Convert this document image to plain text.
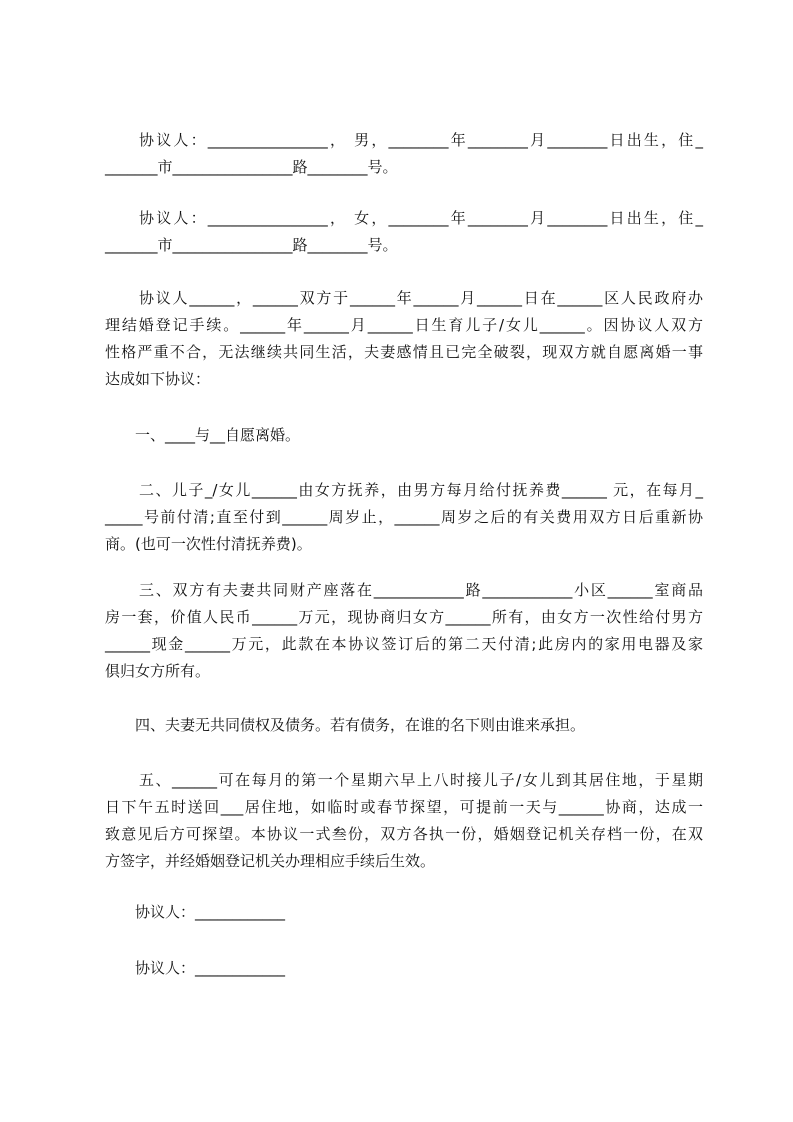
协议人：________________， 男，________年________月________日出生，住_
_______市________________路________号。
协议人：________________， 女，________年________月________日出生，住_
_______市________________路________号。
协议人______，______双方于______年______月______日在______区人民政府办
理结婚登记手续。______年______月______日生育儿子/女儿______。因协议人双方
性格严重不合，无法继续共同生活，夫妻感情且已完全破裂，现双方就自愿离婚一事
达成如下协议：
一、____与__自愿离婚。
二、儿子_/女儿______由女方抚养，由男方每月给付抚养费______ 元，在每月_
_____号前付清;直至付到______周岁止，______周岁之后的有关费用双方日后重新协
商。(也可一次性付清抚养费)。
三、双方有夫妻共同财产座落在____________路____________小区______室商品
房一套，价值人民币______万元，现协商归女方______所有，由女方一次性给付男方
______现金______万元，此款在本协议签订后的第二天付清;此房内的家用电器及家
俱归女方所有。
四、夫妻无共同债权及债务。若有债务，在谁的名下则由谁来承担。
五、______可在每月的第一个星期六早上八时接儿子/女儿到其居住地，于星期
日下午五时送回___居住地，如临时或春节探望，可提前一天与______协商，达成一
致意见后方可探望。本协议一式叁份，双方各执一份，婚姻登记机关存档一份，在双
方签字，并经婚姻登记机关办理相应手续后生效。
协议人：____________
协议人：____________
